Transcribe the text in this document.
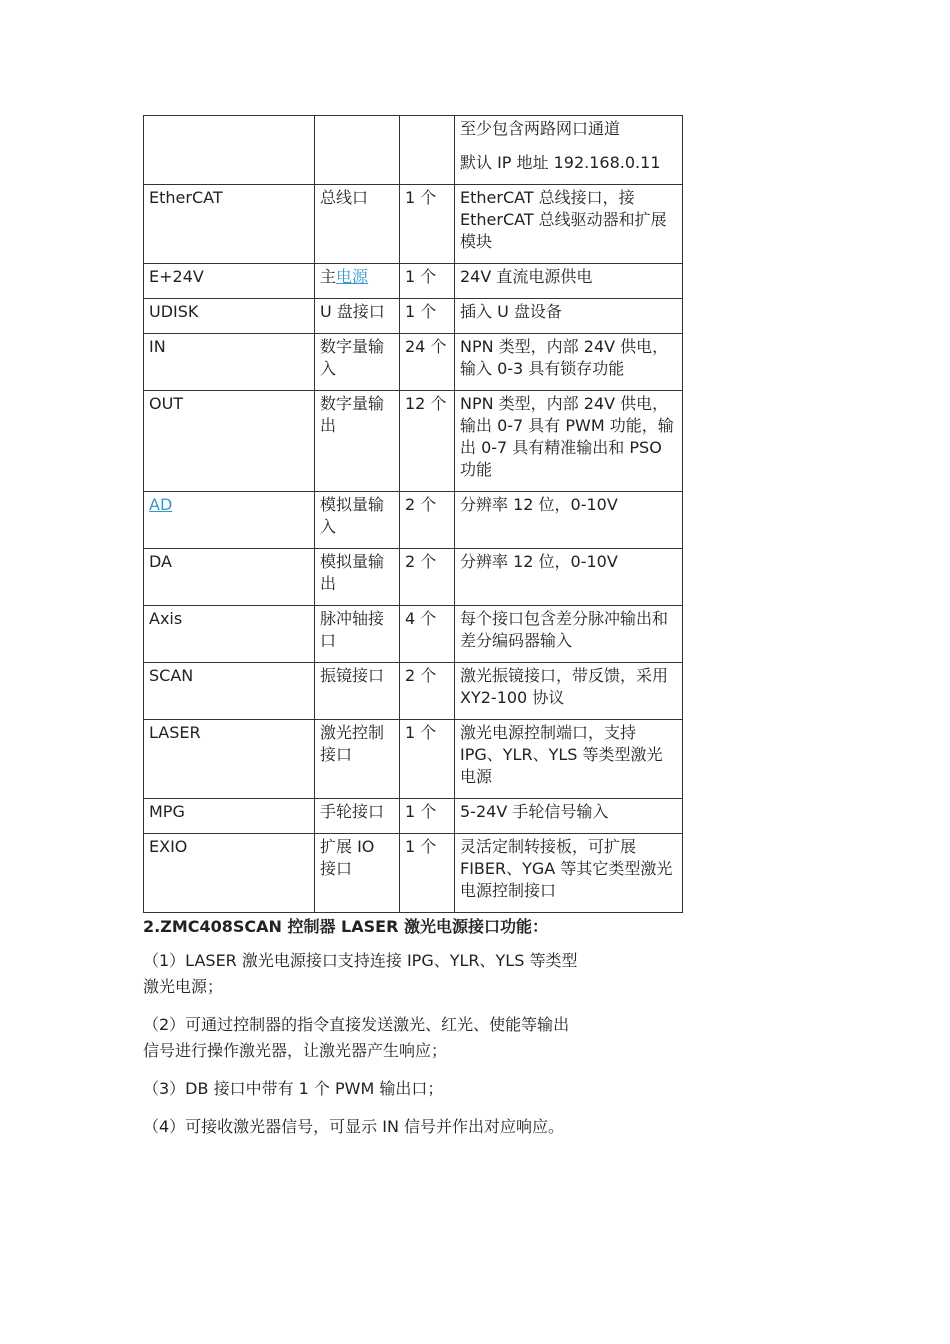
			至少包含两路网口通道

默认 IP 地址 192.168.0.11

EtherCAT	总线口	1 个	EtherCAT 总线接口，接 EtherCAT 总线驱动器和扩展模块
E+24V	主电源	1 个	24V 直流电源供电
UDISK	U 盘接口	1 个	插入 U 盘设备
IN	数字量输入	24 个	NPN 类型，内部 24V 供电，输入 0-3 具有锁存功能
OUT	数字量输出	12 个	NPN 类型，内部 24V 供电，输出 0-7 具有 PWM 功能，输出 0-7 具有精准输出和 PSO 功能
AD	模拟量输入	2 个	分辨率 12 位，0-10V
DA	模拟量输出	2 个	分辨率 12 位，0-10V
Axis	脉冲轴接口	4 个	每个接口包含差分脉冲输出和差分编码器输入
SCAN	振镜接口	2 个	激光振镜接口，带反馈，采用 XY2-100 协议
LASER	激光控制接口	1 个	激光电源控制端口，支持 IPG、YLR、YLS 等类型激光电源
MPG	手轮接口	1 个	5-24V 手轮信号输入
EXIO	扩展 IO 接口	1 个	灵活定制转接板，可扩展 FIBER、YGA 等其它类型激光电源控制接口
2.ZMC408SCAN 控制器 LASER 激光电源接口功能：

（1）LASER 激光电源接口支持连接 IPG、YLR、YLS 等类型激光电源；

（2）可通过控制器的指令直接发送激光、红光、使能等输出信号进行操作激光器，让激光器产生响应；

（3）DB 接口中带有 1 个 PWM 输出口；

（4）可接收激光器信号，可显示 IN 信号并作出对应响应。
